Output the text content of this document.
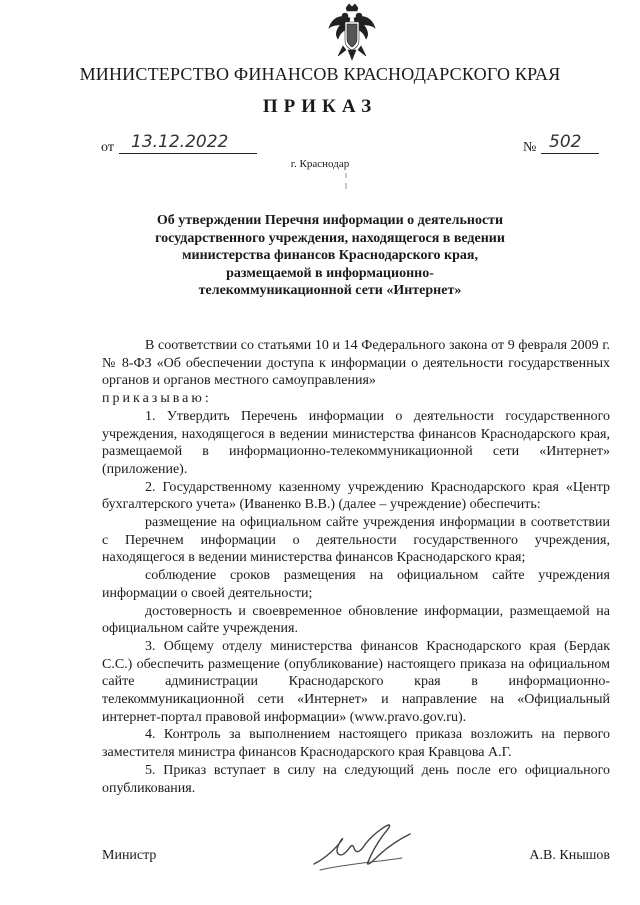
МИНИСТЕРСТВО ФИНАНСОВ КРАСНОДАРСКОГО КРАЯ
ПРИКАЗ
от	13.12.2022	№ 502
г. Краснодар
Об утверждении Перечня информации о деятельности государственного учреждения, находящегося в ведении министерства финансов Краснодарского края, размещаемой в информационно-телекоммуникационной сети «Интернет»

В соответствии со статьями 10 и 14 Федерального закона от 9 февраля 2009 г. № 8-ФЗ «Об обеспечении доступа к информации о деятельности государственных органов и органов местного самоуправления»

приказываю:

1. Утвердить Перечень информации о деятельности государственного учреждения, находящегося в ведении министерства финансов Краснодарского края, размещаемой в информационно-телекоммуникационной сети «Интернет» (приложение).

2. Государственному казенному учреждению Краснодарского края «Центр бухгалтерского учета» (Иваненко В.В.) (далее – учреждение) обеспечить:

размещение на официальном сайте учреждения информации в соответствии с Перечнем информации о деятельности государственного учреждения, находящегося в ведении министерства финансов Краснодарского края;

соблюдение сроков размещения на официальном сайте учреждения информации о своей деятельности;

достоверность и своевременное обновление информации, размещаемой на официальном сайте учреждения.

3. Общему отделу министерства финансов Краснодарского края (Бердак С.С.) обеспечить размещение (опубликование) настоящего приказа на официальном сайте администрации Краснодарского края в информационно-телекоммуникационной сети «Интернет» и направление на «Официальный интернет-портал правовой информации» (www.pravo.gov.ru).

4. Контроль за выполнением настоящего приказа возложить на первого заместителя министра финансов Краснодарского края Кравцова А.Г.

5. Приказ вступает в силу на следующий день после его официального опубликования.

Министр	А.В. Кнышов
